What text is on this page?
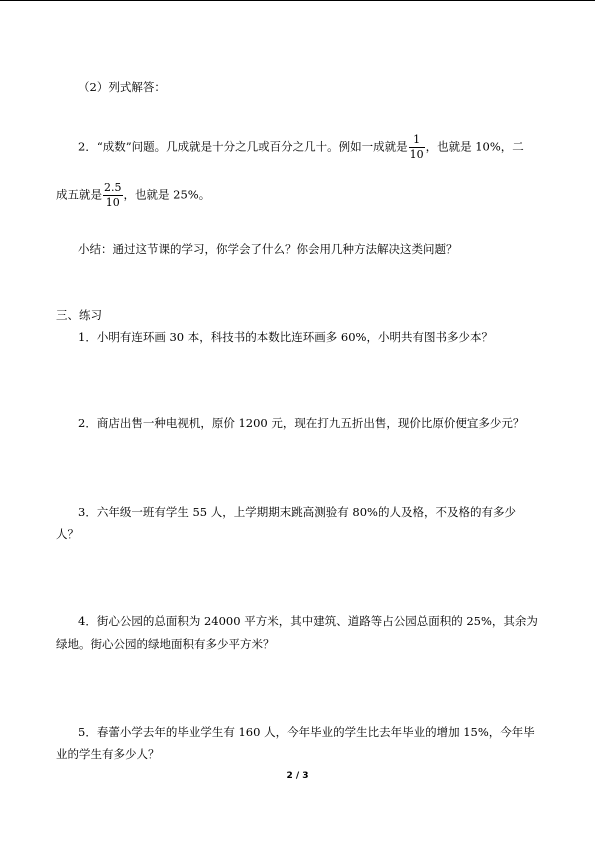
（2）列式解答：
2．“成数”问题。几成就是十分之几或百分之几十。例如一成就是 $\frac{1}{10}$ ，也就是 10%，二
成五就是 $\frac{2.5}{10}$ ，也就是 25%。
小结：通过这节课的学习，你学会了什么？你会用几种方法解决这类问题？
三、练习
1．小明有连环画 30 本，科技书的本数比连环画多 60%，小明共有图书多少本？
2．商店出售一种电视机，原价 1200 元，现在打九五折出售，现价比原价便宜多少元？
3．六年级一班有学生 55 人，上学期期末跳高测验有 80%的人及格，不及格的有多少
人？
4．街心公园的总面积为 24000 平方米，其中建筑、道路等占公园总面积的 25%，其余为
绿地。街心公园的绿地面积有多少平方米？
5．春蕾小学去年的毕业学生有 160 人，今年毕业的学生比去年毕业的增加 15%，今年毕
业的学生有多少人？
2 / 3
